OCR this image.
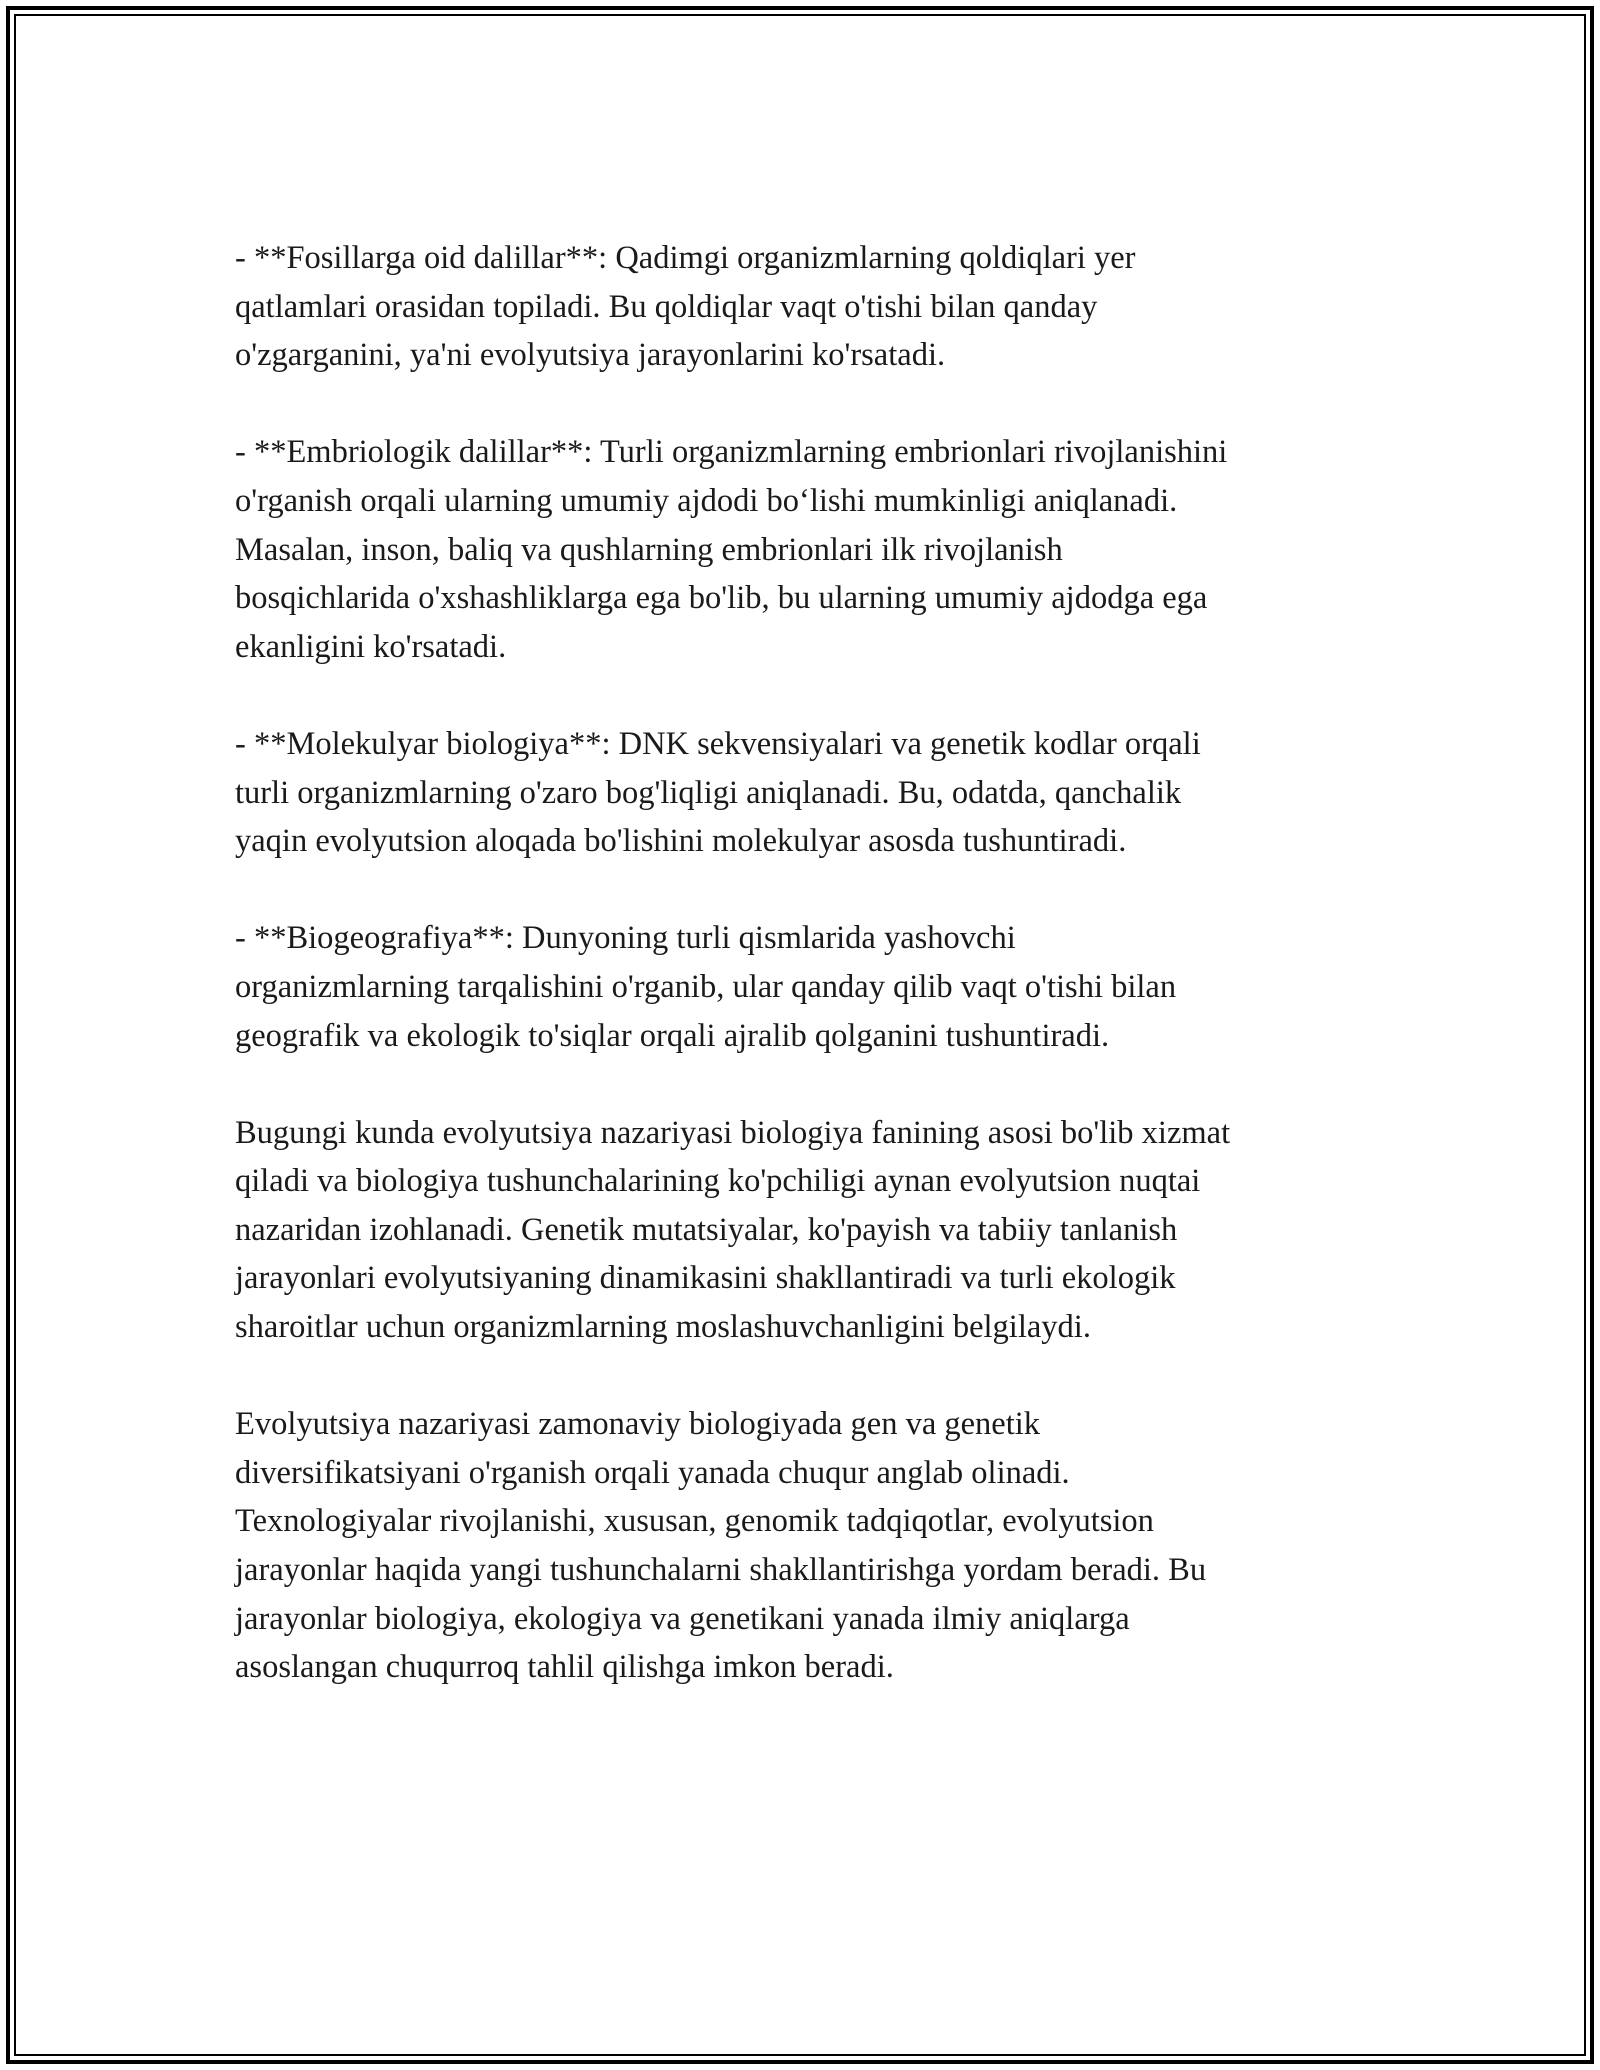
- **Fosillarga oid dalillar**: Qadimgi organizmlarning qoldiqlari yer
qatlamlari orasidan topiladi. Bu qoldiqlar vaqt o'tishi bilan qanday
o'zgarganini, ya'ni evolyutsiya jarayonlarini ko'rsatadi.

- **Embriologik dalillar**: Turli organizmlarning embrionlari rivojlanishini
o'rganish orqali ularning umumiy ajdodi bo‘lishi mumkinligi aniqlanadi.
Masalan, inson, baliq va qushlarning embrionlari ilk rivojlanish
bosqichlarida o'xshashliklarga ega bo'lib, bu ularning umumiy ajdodga ega
ekanligini ko'rsatadi.

- **Molekulyar biologiya**: DNK sekvensiyalari va genetik kodlar orqali
turli organizmlarning o'zaro bog'liqligi aniqlanadi. Bu, odatda, qanchalik
yaqin evolyutsion aloqada bo'lishini molekulyar asosda tushuntiradi.

- **Biogeografiya**: Dunyoning turli qismlarida yashovchi
organizmlarning tarqalishini o'rganib, ular qanday qilib vaqt o'tishi bilan
geografik va ekologik to'siqlar orqali ajralib qolganini tushuntiradi.

Bugungi kunda evolyutsiya nazariyasi biologiya fanining asosi bo'lib xizmat
qiladi va biologiya tushunchalarining ko'pchiligi aynan evolyutsion nuqtai
nazaridan izohlanadi. Genetik mutatsiyalar, ko'payish va tabiiy tanlanish
jarayonlari evolyutsiyaning dinamikasini shakllantiradi va turli ekologik
sharoitlar uchun organizmlarning moslashuvchanligini belgilaydi.

Evolyutsiya nazariyasi zamonaviy biologiyada gen va genetik
diversifikatsiyani o'rganish orqali yanada chuqur anglab olinadi.
Texnologiyalar rivojlanishi, xususan, genomik tadqiqotlar, evolyutsion
jarayonlar haqida yangi tushunchalarni shakllantirishga yordam beradi. Bu
jarayonlar biologiya, ekologiya va genetikani yanada ilmiy aniqlarga
asoslangan chuqurroq tahlil qilishga imkon beradi.
